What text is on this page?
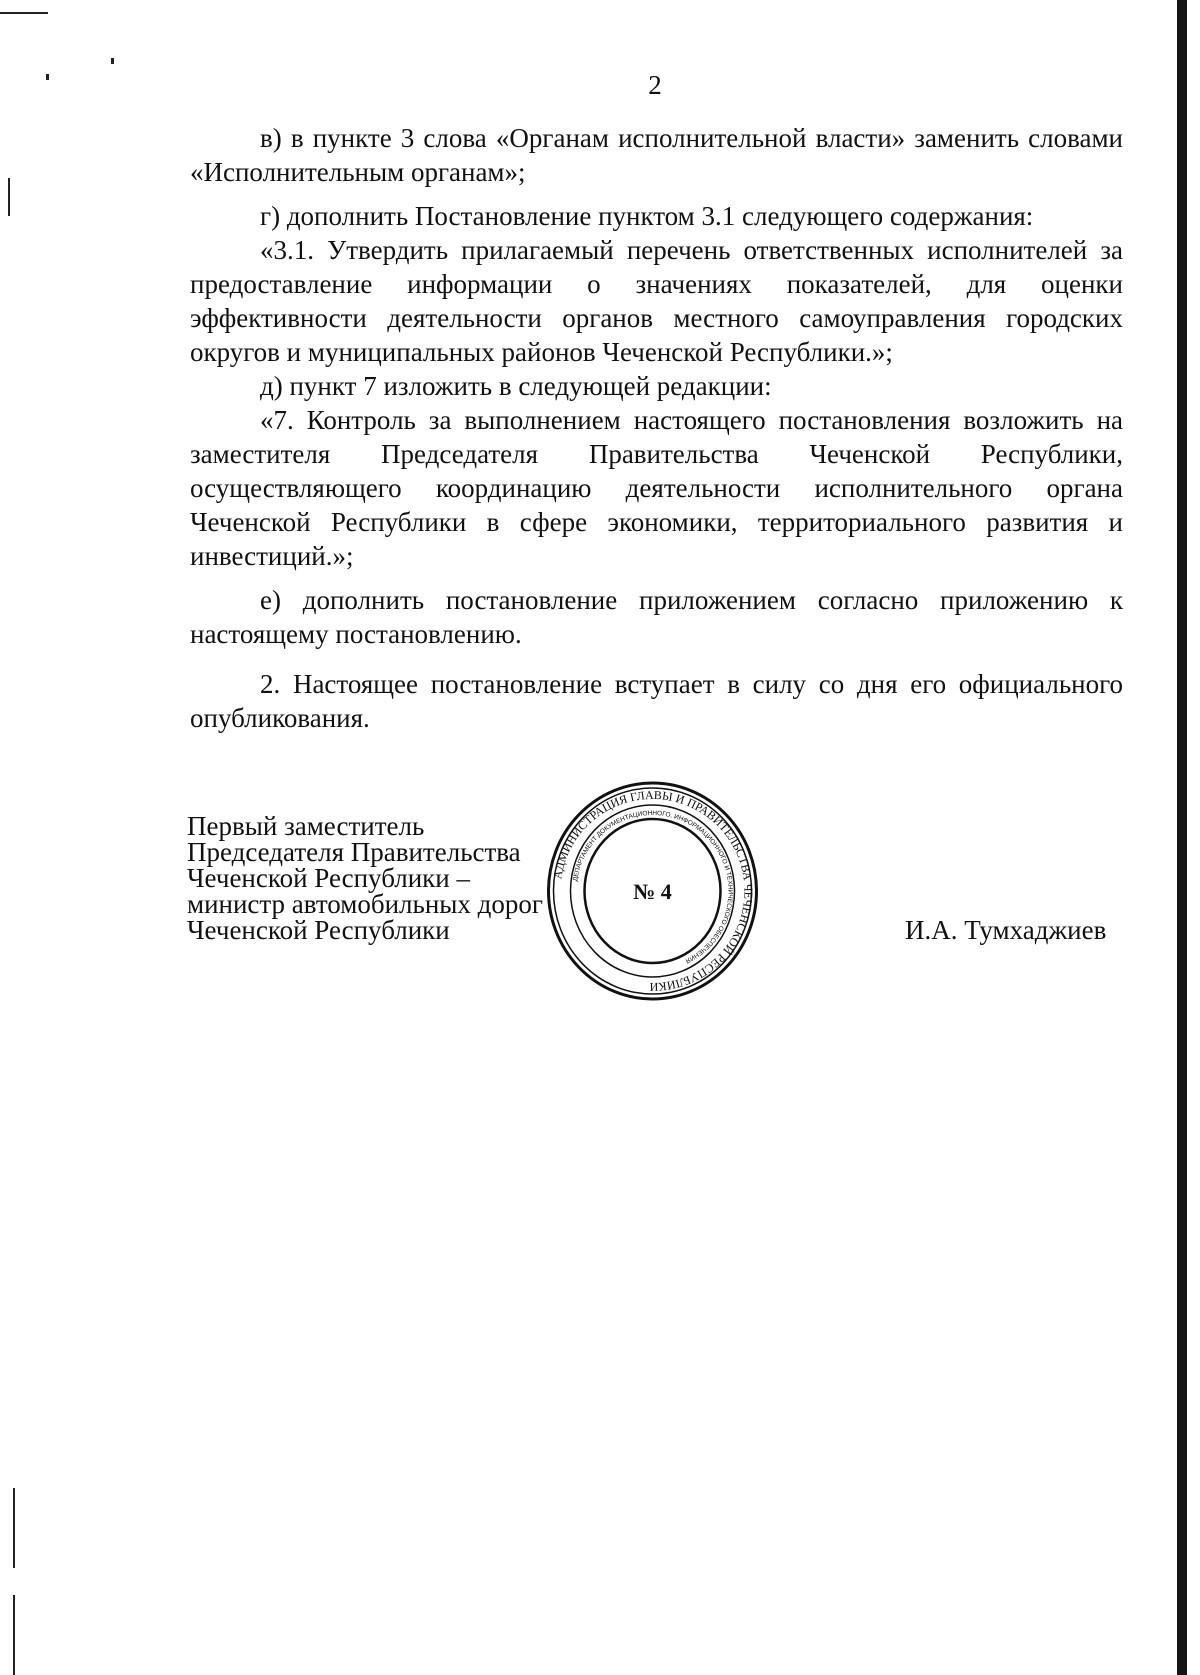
2

в) в пункте 3 слова «Органам исполнительной власти» заменить словами «Исполнительным органам»;

г) дополнить Постановление пунктом 3.1 следующего содержания:

«3.1. Утвердить прилагаемый перечень ответственных исполнителей за предоставление информации о значениях показателей, для оценки эффективности деятельности органов местного самоуправления городских округов и муниципальных районов Чеченской Республики.»;

д) пункт 7 изложить в следующей редакции:

«7. Контроль за выполнением настоящего постановления возложить на заместителя Председателя Правительства Чеченской Республики, осуществляющего координацию деятельности исполнительного органа Чеченской Республики в сфере экономики, территориального развития и инвестиций.»;

е) дополнить постановление приложением согласно приложению к настоящему постановлению.

2. Настоящее постановление вступает в силу со дня его официального опубликования.

Первый заместитель
Председателя Правительства
Чеченской Республики –
министр автомобильных дорог
Чеченской Республики
АДМИНИСТРАЦИЯ ГЛАВЫ И ПРАВИТЕЛЬСТВА ЧЕЧЕНСКОЙ РЕСПУБЛИКИ
ДЕПАРТАМЕНТ ДОКУМЕНТАЦИОННОГО, ИНФОРМАЦИОННОГО И ТЕХНИЧЕСКОГО ОБЕСПЕЧЕНИЯ
№ 4
И.А. Тумхаджиев
